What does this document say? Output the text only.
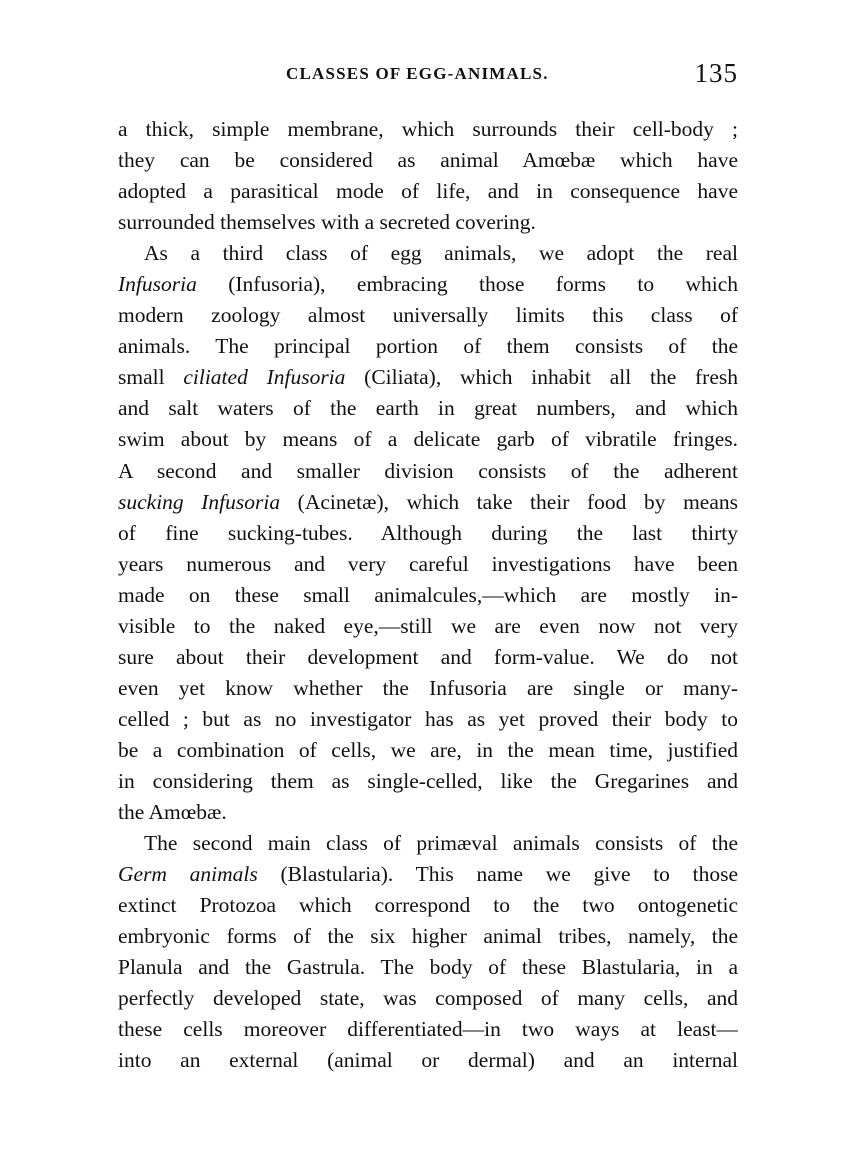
CLASSES OF EGG-ANIMALS.	135
a thick, simple membrane, which surrounds their cell-body ;
they can be considered as animal Amœbæ which have
adopted a parasitical mode of life, and in consequence have
surrounded themselves with a secreted covering.
As a third class of egg animals, we adopt the real
Infusoria (Infusoria), embracing those forms to which
modern zoology almost universally limits this class of
animals. The principal portion of them consists of the
small ciliated Infusoria (Ciliata), which inhabit all the fresh
and salt waters of the earth in great numbers, and which
swim about by means of a delicate garb of vibratile fringes.
A second and smaller division consists of the adherent
sucking Infusoria (Acinetæ), which take their food by means
of fine sucking-tubes. Although during the last thirty
years numerous and very careful investigations have been
made on these small animalcules,—which are mostly in-
visible to the naked eye,—still we are even now not very
sure about their development and form-value. We do not
even yet know whether the Infusoria are single or many-
celled ; but as no investigator has as yet proved their body to
be a combination of cells, we are, in the mean time, justified
in considering them as single-celled, like the Gregarines and
the Amœbæ.
The second main class of primæval animals consists of the
Germ animals (Blastularia). This name we give to those
extinct Protozoa which correspond to the two ontogenetic
embryonic forms of the six higher animal tribes, namely, the
Planula and the Gastrula. The body of these Blastularia, in a
perfectly developed state, was composed of many cells, and
these cells moreover differentiated—in two ways at least—
into an external (animal or dermal) and an internal
